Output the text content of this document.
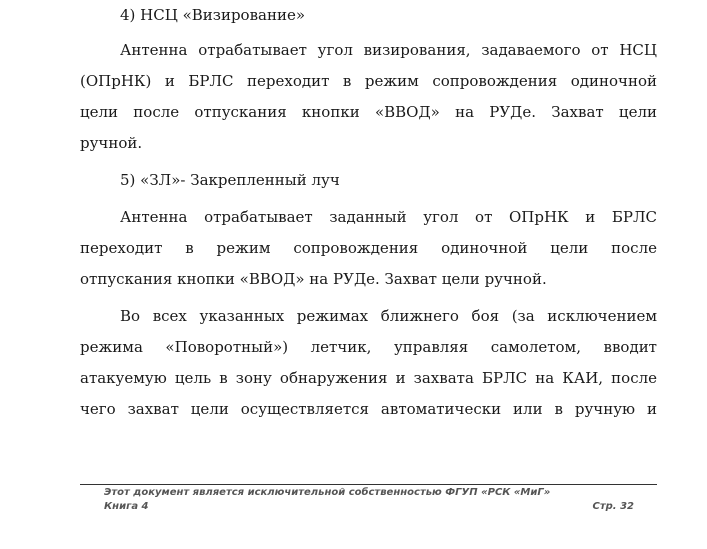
4) НСЦ «Визирование»

Антенна отрабатывает угол визирования, задаваемого от НСЦ
(ОПрНК) и БРЛС переходит в режим сопровождения одиночной
цели после отпускания кнопки «ВВОД» на РУДе. Захват цели
ручной.

5) «ЗЛ»- Закрепленный луч

Антенна отрабатывает заданный угол от ОПрНК и БРЛС
переходит в режим сопровождения одиночной цели после
отпускания кнопки «ВВОД» на РУДе. Захват цели ручной.
Во всех указанных режимах ближнего боя (за исключением
режима «Поворотный») летчик, управляя самолетом, вводит
атакуемую цель в зону обнаружения и захвата БРЛС на КАИ, после
чего захват цели осуществляется автоматически или в ручную и
Этот документ является исключительной собственностью ФГУП «РСК «МиГ»
Книга 4	Стр. 32
